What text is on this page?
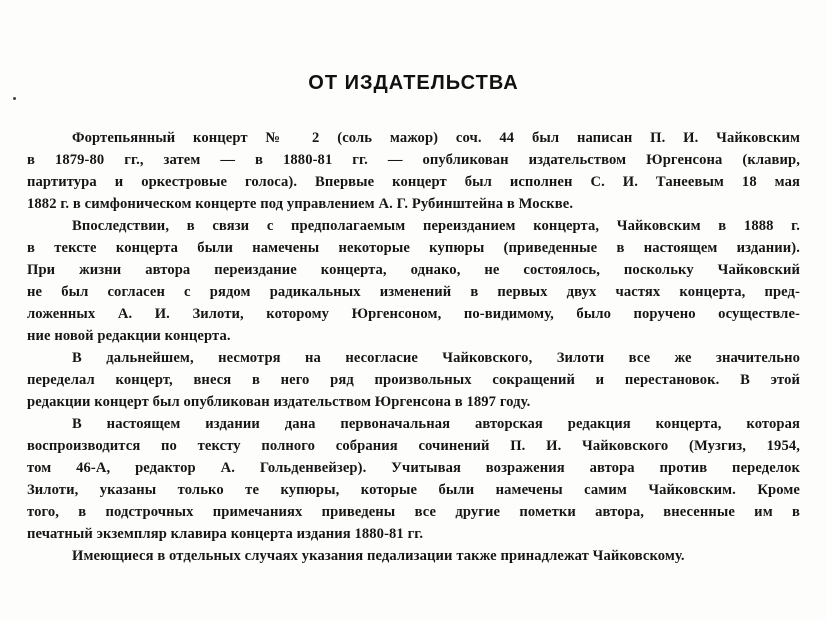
ОТ ИЗДАТЕЛЬСТВА
Фортепьянный концерт № 2 (соль мажор) соч. 44 был написан П. И. Чайковским
в 1879-80 гг., затем — в 1880-81 гг. — опубликован издательством Юргенсона (клавир,
партитура и оркестровые голоса). Впервые концерт был исполнен С. И. Танеевым 18 мая
1882 г. в симфоническом концерте под управлением А. Г. Рубинштейна в Москве.
Впоследствии, в связи с предполагаемым переизданием концерта, Чайковским в 1888 г.
в тексте концерта были намечены некоторые купюры (приведенные в настоящем издании).
При жизни автора переиздание концерта, однако, не состоялось, поскольку Чайковский
не был согласен с рядом радикальных изменений в первых двух частях концерта, пред-
ложенных А. И. Зилоти, которому Юргенсоном, по-видимому, было поручено осуществле-
ние новой редакции концерта.
В дальнейшем, несмотря на несогласие Чайковского, Зилоти все же значительно
переделал концерт, внеся в него ряд произвольных сокращений и перестановок. В этой
редакции концерт был опубликован издательством Юргенсона в 1897 году.
В настоящем издании дана первоначальная авторская редакция концерта, которая
воспроизводится по тексту полного собрания сочинений П. И. Чайковского (Музгиз, 1954,
том 46-А, редактор А. Гольденвейзер). Учитывая возражения автора против переделок
Зилоти, указаны только те купюры, которые были намечены самим Чайковским. Кроме
того, в подстрочных примечаниях приведены все другие пометки автора, внесенные им в
печатный экземпляр клавира концерта издания 1880-81 гг.
Имеющиеся в отдельных случаях указания педализации также принадлежат Чайковскому.
